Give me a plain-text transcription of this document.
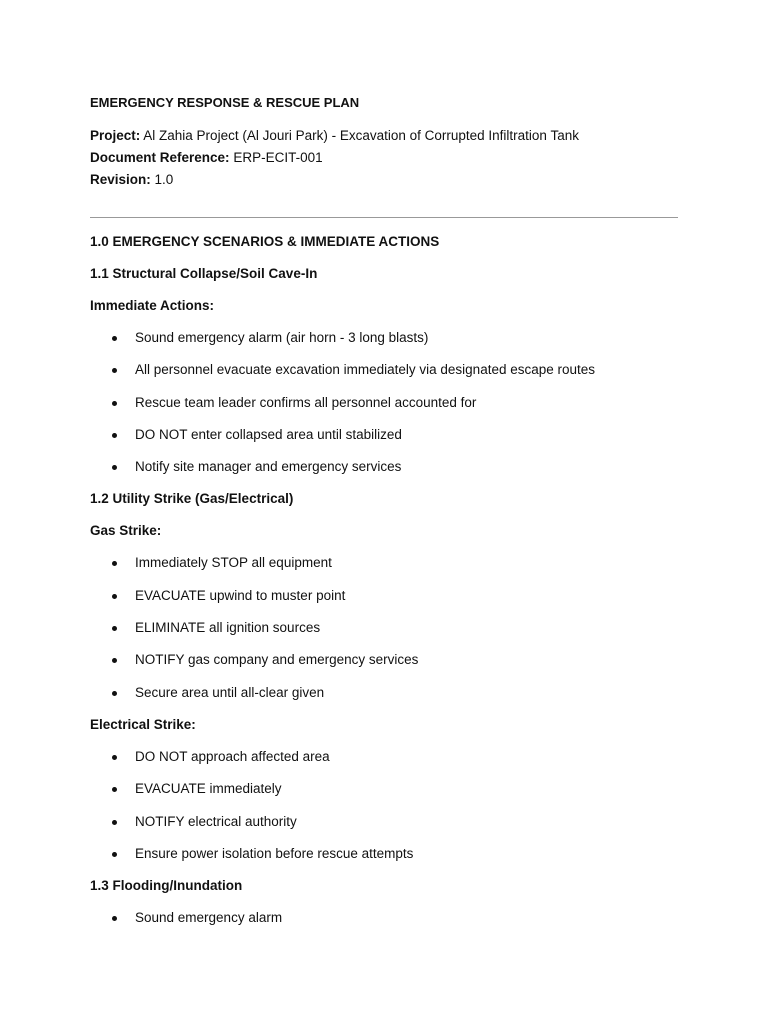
EMERGENCY RESPONSE & RESCUE PLAN

Project: Al Zahia Project (Al Jouri Park) - Excavation of Corrupted Infiltration Tank

Document Reference: ERP-ECIT-001

Revision: 1.0

1.0 EMERGENCY SCENARIOS & IMMEDIATE ACTIONS
1.1 Structural Collapse/Soil Cave-In
Immediate Actions:
Sound emergency alarm (air horn - 3 long blasts)
All personnel evacuate excavation immediately via designated escape routes
Rescue team leader confirms all personnel accounted for
DO NOT enter collapsed area until stabilized
Notify site manager and emergency services
1.2 Utility Strike (Gas/Electrical)
Gas Strike:
Immediately STOP all equipment
EVACUATE upwind to muster point
ELIMINATE all ignition sources
NOTIFY gas company and emergency services
Secure area until all-clear given
Electrical Strike:
DO NOT approach affected area
EVACUATE immediately
NOTIFY electrical authority
Ensure power isolation before rescue attempts
1.3 Flooding/Inundation
Sound emergency alarm
